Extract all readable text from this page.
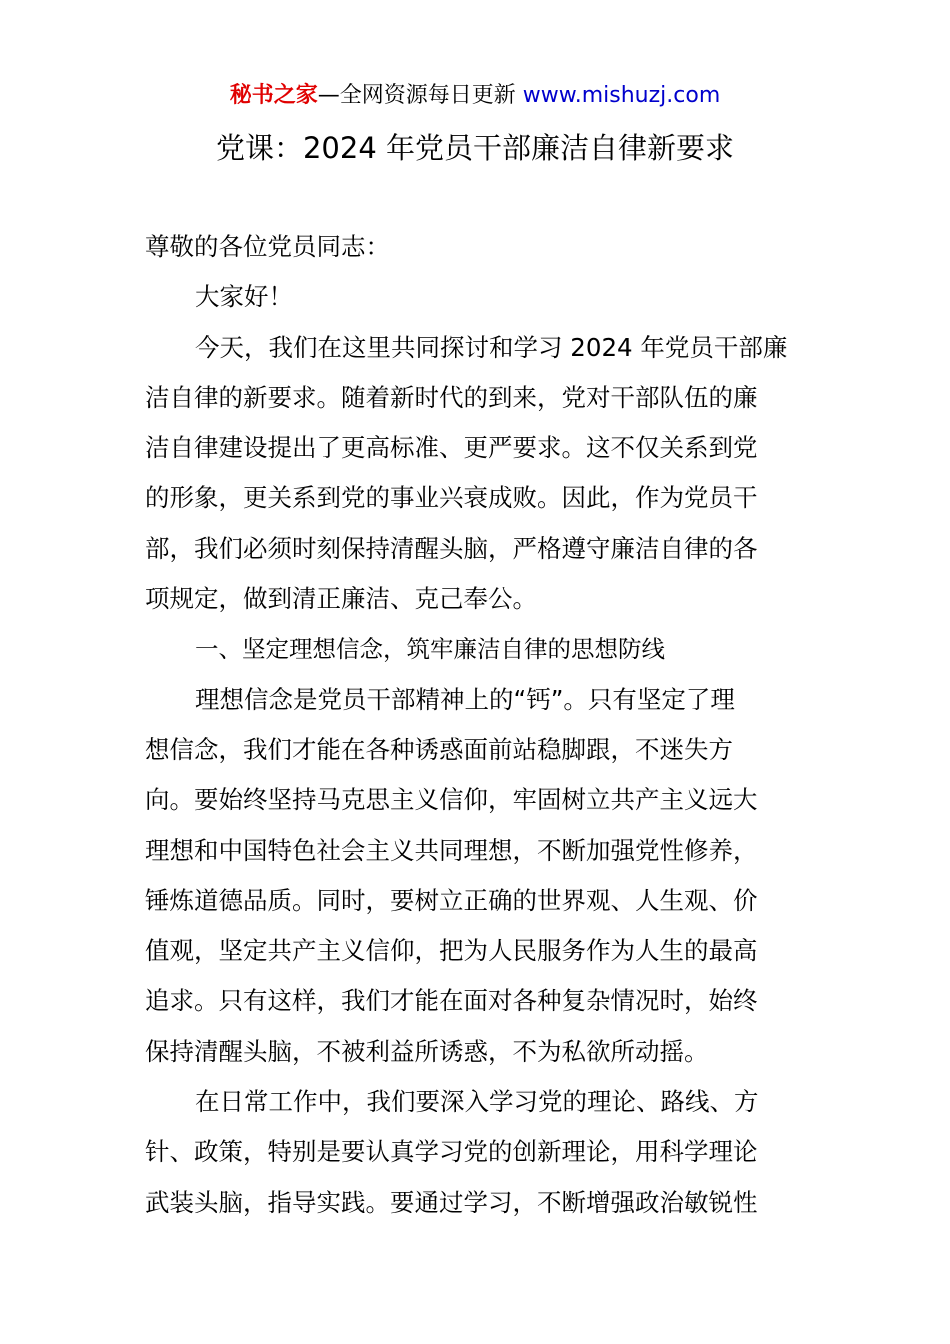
秘书之家—全网资源每日更新 www.mishuzj.com
党课：2024 年党员干部廉洁自律新要求
尊敬的各位党员同志：
大家好！
今天，我们在这里共同探讨和学习 2024 年党员干部廉
洁自律的新要求。随着新时代的到来，党对干部队伍的廉
洁自律建设提出了更高标准、更严要求。这不仅关系到党
的形象，更关系到党的事业兴衰成败。因此，作为党员干
部，我们必须时刻保持清醒头脑，严格遵守廉洁自律的各
项规定，做到清正廉洁、克己奉公。
一、坚定理想信念，筑牢廉洁自律的思想防线
理想信念是党员干部精神上的“钙”。只有坚定了理
想信念，我们才能在各种诱惑面前站稳脚跟，不迷失方
向。要始终坚持马克思主义信仰，牢固树立共产主义远大
理想和中国特色社会主义共同理想，不断加强党性修养，
锤炼道德品质。同时，要树立正确的世界观、人生观、价
值观，坚定共产主义信仰，把为人民服务作为人生的最高
追求。只有这样，我们才能在面对各种复杂情况时，始终
保持清醒头脑，不被利益所诱惑，不为私欲所动摇。
在日常工作中，我们要深入学习党的理论、路线、方
针、政策，特别是要认真学习党的创新理论，用科学理论
武装头脑，指导实践。要通过学习，不断增强政治敏锐性
